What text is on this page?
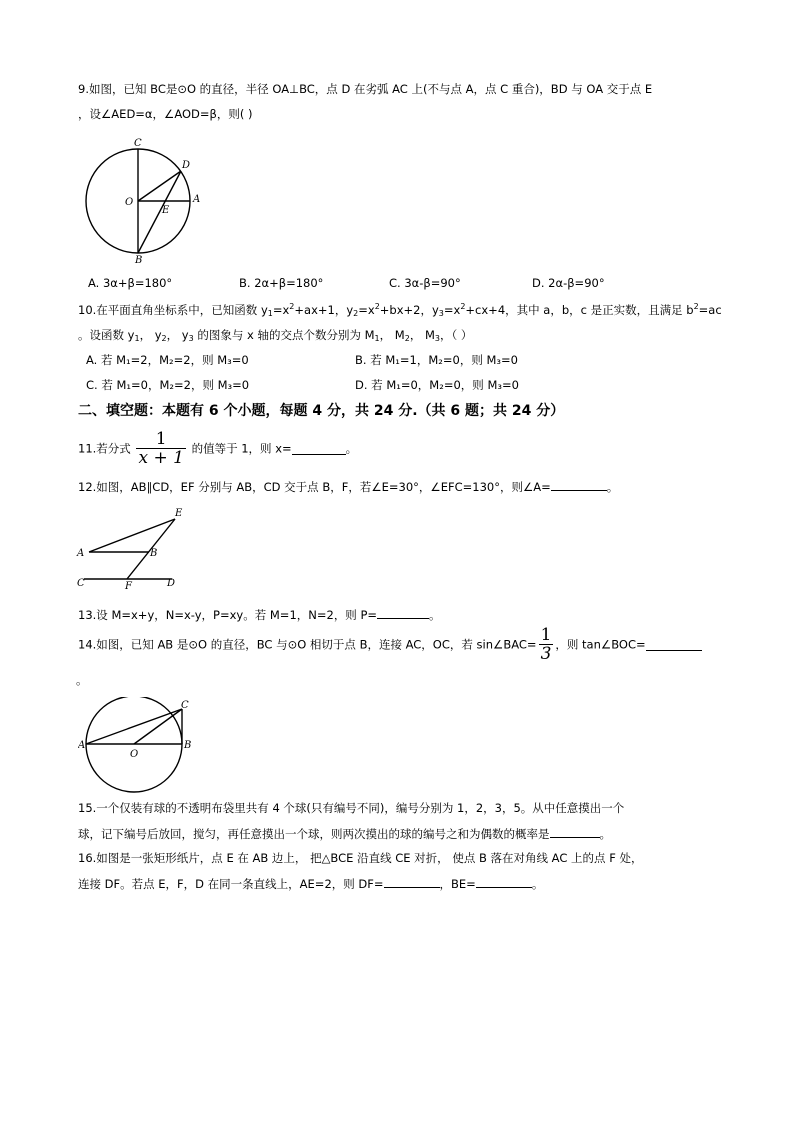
9.如图，已知 BC是⊙O 的直径，半径 OA⊥BC，点 D 在劣弧 AC 上(不与点 A，点 C 重合)，BD 与 OA 交于点 E
，设∠AED=α，∠AOD=β，则( )
C
D
O
E
A
B
A. 3α+β=180°	B. 2α+β=180°	C. 3α-β=90°	D. 2α-β=90°
10.在平面直角坐标系中，已知函数 $y_1=x^2+ax+1$，$y_2=x^2+bx+2$，$y_3=x^2+cx+4$，其中 a，b，c 是正实数，且满足 $b^2=ac$
。设函数 $y_1$， $y_2$， $y_3$ 的图象与 x 轴的交点个数分别为 $M_1$， $M_2$， $M_3$，（ ）
A. 若 M₁=2，M₂=2，则 M₃=0	B. 若 M₁=1，M₂=0，则 M₃=0
C. 若 M₁=0，M₂=2，则 M₃=0	D. 若 M₁=0，M₂=0，则 M₃=0
二、填空题：本题有 6 个小题，每题 4 分，共 24 分.（共 6 题；共 24 分）
11.若分式 $\frac{1}{x + 1}$ 的值等于 1，则 x=	。
12.如图，AB∥CD，EF 分别与 AB，CD 交于点 B，F，若∠E=30°，∠EFC=130°，则∠A=	。
E
A	B
C	F	D
13.设 M=x+y，N=x-y，P=xy。若 M=1，N=2，则 P=	。
14.如图，已知 AB 是⊙O 的直径，BC 与⊙O 相切于点 B，连接 AC，OC，若 sin∠BAC= $\frac{1}{3}$ ，则 tan∠BOC=
。
A
O
B
C
15.一个仅装有球的不透明布袋里共有 4 个球(只有编号不同)，编号分别为 1，2，3，5。从中任意摸出一个
球，记下编号后放回，搅匀，再任意摸出一个球，则两次摸出的球的编号之和为偶数的概率是	。
16.如图是一张矩形纸片，点 E 在 AB 边上， 把△BCE 沿直线 CE 对折， 使点 B 落在对角线 AC 上的点 F 处，
连接 DF。若点 E，F，D 在同一条直线上，AE=2，则 DF=	，BE=	。
